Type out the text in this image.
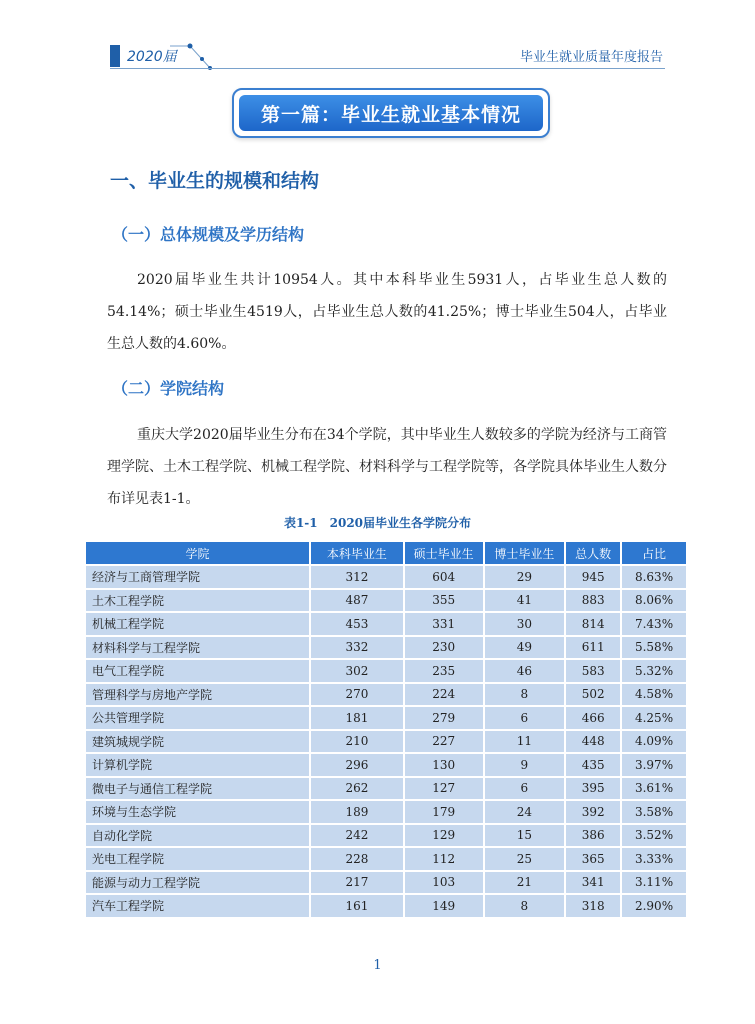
2020届	毕业生就业质量年度报告
第一篇：毕业生就业基本情况
一、毕业生的规模和结构
（一）总体规模及学历结构
2020届毕业生共计10954人。其中本科毕业生5931人，占毕业生总人数的54.14%；硕士毕业生4519人，占毕业生总人数的41.25%；博士毕业生504人，占毕业生总人数的4.60%。
（二）学院结构
重庆大学2020届毕业生分布在34个学院，其中毕业生人数较多的学院为经济与工商管理学院、土木工程学院、机械工程学院、材料科学与工程学院等，各学院具体毕业生人数分布详见表1-1。
表1-1　2020届毕业生各学院分布
学院	本科毕业生	硕士毕业生	博士毕业生	总人数	占比
经济与工商管理学院	312	604	29	945	8.63%
土木工程学院	487	355	41	883	8.06%
机械工程学院	453	331	30	814	7.43%
材料科学与工程学院	332	230	49	611	5.58%
电气工程学院	302	235	46	583	5.32%
管理科学与房地产学院	270	224	8	502	4.58%
公共管理学院	181	279	6	466	4.25%
建筑城规学院	210	227	11	448	4.09%
计算机学院	296	130	9	435	3.97%
微电子与通信工程学院	262	127	6	395	3.61%
环境与生态学院	189	179	24	392	3.58%
自动化学院	242	129	15	386	3.52%
光电工程学院	228	112	25	365	3.33%
能源与动力工程学院	217	103	21	341	3.11%
汽车工程学院	161	149	8	318	2.90%
1
